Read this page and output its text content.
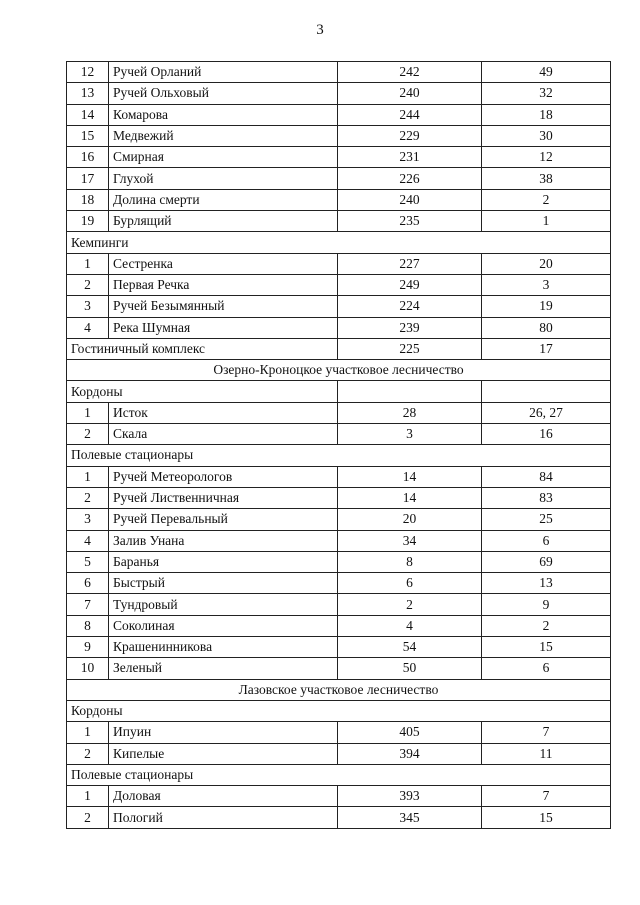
3
12	Ручей Орланий	242	49
13	Ручей Ольховый	240	32
14	Комарова	244	18
15	Медвежий	229	30
16	Смирная	231	12
17	Глухой	226	38
18	Долина смерти	240	2
19	Бурлящий	235	1
Кемпинги			
1	Сестренка	227	20
2	Первая Речка	249	3
3	Ручей Безымянный	224	19
4	Река Шумная	239	80
Гостиничный комплекс		225	17
Озерно-Кроноцкое участковое лесничество			
Кордоны			
1	Исток	28	26, 27
2	Скала	3	16
Полевые стационары			
1	Ручей Метеорологов	14	84
2	Ручей Лиственничная	14	83
3	Ручей Перевальный	20	25
4	Залив Унана	34	6
5	Баранья	8	69
6	Быстрый	6	13
7	Тундровый	2	9
8	Соколиная	4	2
9	Крашенинникова	54	15
10	Зеленый	50	6
Лазовское участковое лесничество			
Кордоны			
1	Ипуин	405	7
2	Кипелые	394	11
Полевые стационары			
1	Доловая	393	7
2	Пологий	345	15
